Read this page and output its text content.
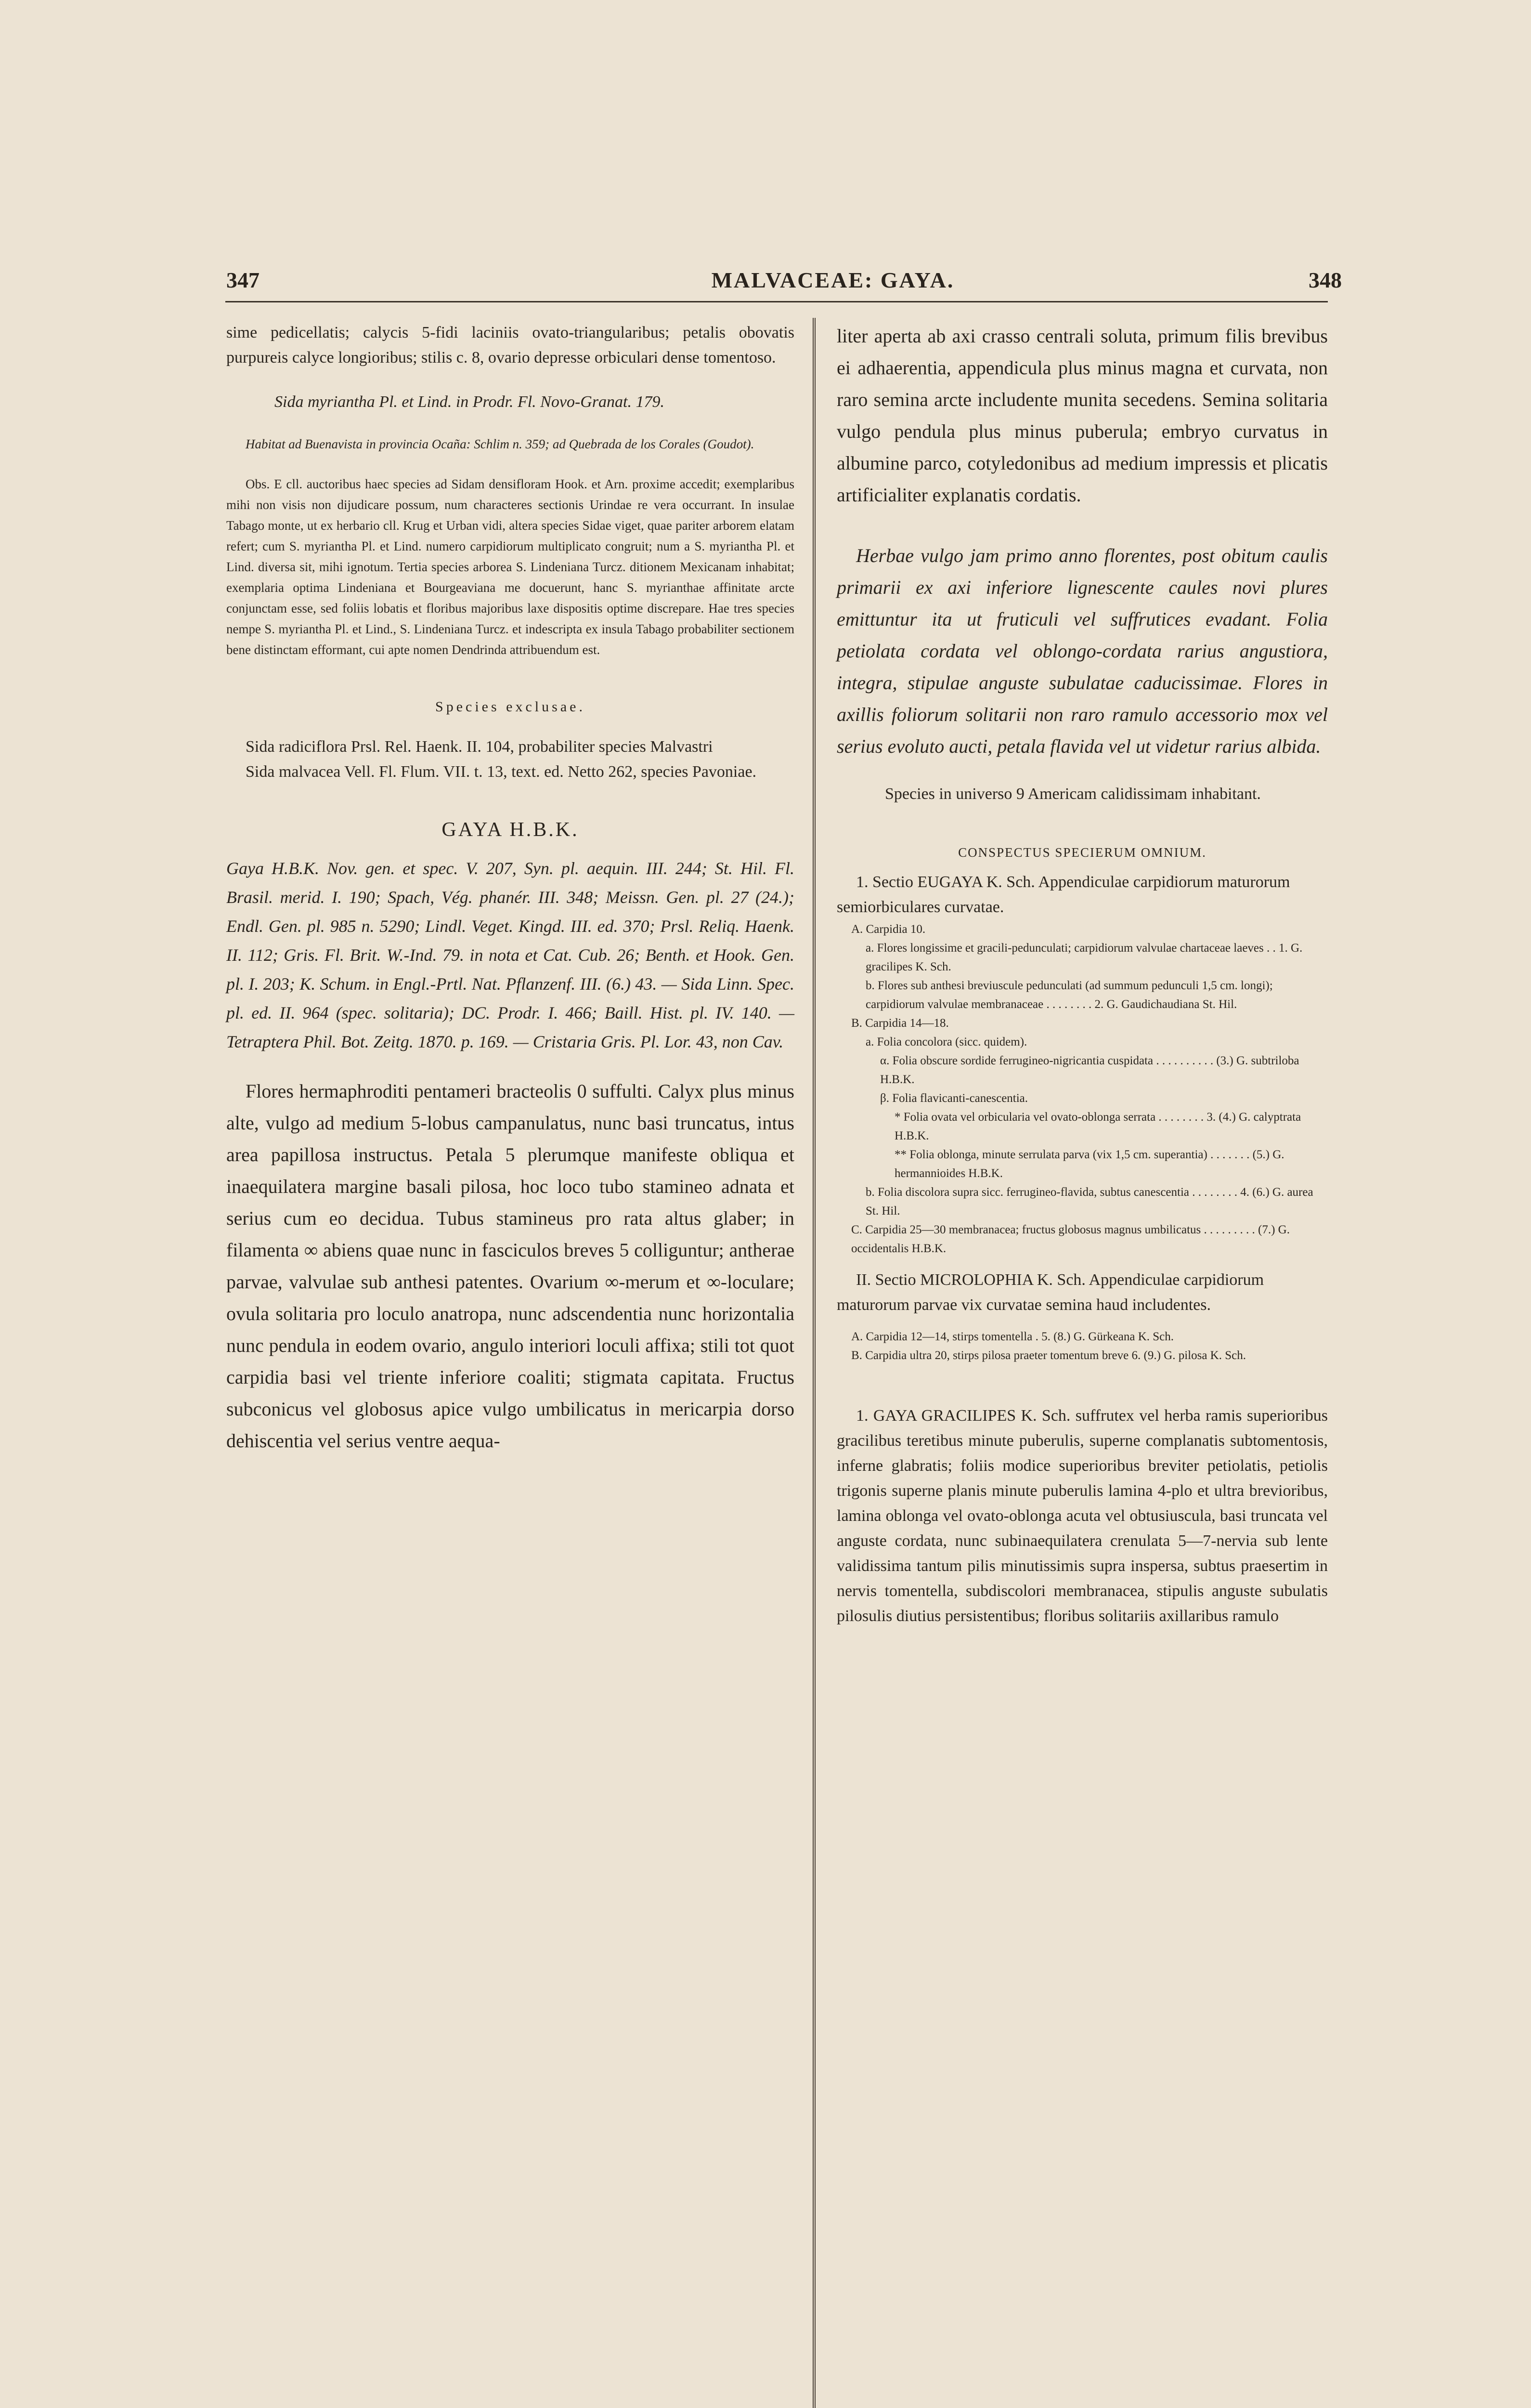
347	MALVACEAE: GAYA.	348

sime pedicellatis; calycis 5-fidi laciniis ovato-triangularibus; petalis obovatis purpureis calyce longioribus; stilis c. 8, ovario depresse orbiculari dense tomentoso.

Sida myriantha Pl. et Lind. in Prodr. Fl. Novo-Granat. 179.

Habitat ad Buenavista in provincia Ocaña: Schlim n. 359; ad Quebrada de los Corales (Goudot).

Obs. E cll. auctoribus haec species ad Sidam densifloram Hook. et Arn. proxime accedit; exemplaribus mihi non visis non dijudicare possum, num characteres sectionis Urindae re vera occurrant. In insulae Tabago monte, ut ex herbario cll. Krug et Urban vidi, altera species Sidae viget, quae pariter arborem elatam refert; cum S. myriantha Pl. et Lind. numero carpidiorum multiplicato congruit; num a S. myriantha Pl. et Lind. diversa sit, mihi ignotum. Tertia species arborea S. Lindeniana Turcz. ditionem Mexicanam inhabitat; exemplaria optima Lindeniana et Bourgeaviana me docuerunt, hanc S. myrianthae affinitate arcte conjunctam esse, sed foliis lobatis et floribus majoribus laxe dispositis optime discrepare. Hae tres species nempe S. myriantha Pl. et Lind., S. Lindeniana Turcz. et indescripta ex insula Tabago probabiliter sectionem bene distinctam efformant, cui apte nomen Dendrinda attribuendum est.

Species exclusae.

Sida radiciflora Prsl. Rel. Haenk. II. 104, probabiliter species Malvastri

Sida malvacea Vell. Fl. Flum. VII. t. 13, text. ed. Netto 262, species Pavoniae.

GAYA H.B.K.

Gaya H.B.K. Nov. gen. et spec. V. 207, Syn. pl. aequin. III. 244; St. Hil. Fl. Brasil. merid. I. 190; Spach, Vég. phanér. III. 348; Meissn. Gen. pl. 27 (24.); Endl. Gen. pl. 985 n. 5290; Lindl. Veget. Kingd. III. ed. 370; Prsl. Reliq. Haenk. II. 112; Gris. Fl. Brit. W.-Ind. 79. in nota et Cat. Cub. 26; Benth. et Hook. Gen. pl. I. 203; K. Schum. in Engl.-Prtl. Nat. Pflanzenf. III. (6.) 43. — Sida Linn. Spec. pl. ed. II. 964 (spec. solitaria); DC. Prodr. I. 466; Baill. Hist. pl. IV. 140. — Tetraptera Phil. Bot. Zeitg. 1870. p. 169. — Cristaria Gris. Pl. Lor. 43, non Cav.

Flores hermaphroditi pentameri bracteolis 0 suffulti. Calyx plus minus alte, vulgo ad medium 5-lobus campanulatus, nunc basi truncatus, intus area papillosa instructus. Petala 5 plerumque manifeste obliqua et inaequilatera margine basali pilosa, hoc loco tubo stamineo adnata et serius cum eo decidua. Tubus stamineus pro rata altus glaber; in filamenta ∞ abiens quae nunc in fasciculos breves 5 colliguntur; antherae parvae, valvulae sub anthesi patentes. Ovarium ∞-merum et ∞-loculare; ovula solitaria pro loculo anatropa, nunc adscendentia nunc horizontalia nunc pendula in eodem ovario, angulo interiori loculi affixa; stili tot quot carpidia basi vel triente inferiore coaliti; stigmata capitata. Fructus subconicus vel globosus apice vulgo umbilicatus in mericarpia dorso dehiscentia vel serius ventre aequa-

liter aperta ab axi crasso centrali soluta, primum filis brevibus ei adhaerentia, appendicula plus minus magna et curvata, non raro semina arcte includente munita secedens. Semina solitaria vulgo pendula plus minus puberula; embryo curvatus in albumine parco, cotyledonibus ad medium impressis et plicatis artificialiter explanatis cordatis.

Herbae vulgo jam primo anno florentes, post obitum caulis primarii ex axi inferiore lignescente caules novi plures emittuntur ita ut fruticuli vel suffrutices evadant. Folia petiolata cordata vel oblongo-cordata rarius angustiora, integra, stipulae anguste subulatae caducissimae. Flores in axillis foliorum solitarii non raro ramulo accessorio mox vel serius evoluto aucti, petala flavida vel ut videtur rarius albida.

Species in universo 9 Americam calidissimam inhabitant.

CONSPECTUS SPECIERUM OMNIUM.

1. Sectio EUGAYA K. Sch. Appendiculae carpidiorum maturorum semiorbiculares curvatae.

A. Carpidia 10.

a. Flores longissime et gracili-pedunculati; carpidiorum valvulae chartaceae laeves . . 1. G. gracilipes K. Sch.

b. Flores sub anthesi breviuscule pedunculati (ad summum pedunculi 1,5 cm. longi); carpidiorum valvulae membranaceae . . . . . . . . 2. G. Gaudichaudiana St. Hil.

B. Carpidia 14—18.

a. Folia concolora (sicc. quidem).

α. Folia obscure sordide ferrugineo-nigricantia cuspidata . . . . . . . . . . (3.) G. subtriloba H.B.K.

β. Folia flavicanti-canescentia.

* Folia ovata vel orbicularia vel ovato-oblonga serrata . . . . . . . . 3. (4.) G. calyptrata H.B.K.

** Folia oblonga, minute serrulata parva (vix 1,5 cm. superantia) . . . . . . . (5.) G. hermannioides H.B.K.

b. Folia discolora supra sicc. ferrugineo-flavida, subtus canescentia . . . . . . . . 4. (6.) G. aurea St. Hil.

C. Carpidia 25—30 membranacea; fructus globosus magnus umbilicatus . . . . . . . . . (7.) G. occidentalis H.B.K.

II. Sectio MICROLOPHIA K. Sch. Appendiculae carpidiorum maturorum parvae vix curvatae semina haud includentes.

A. Carpidia 12—14, stirps tomentella . 5. (8.) G. Gürkeana K. Sch.

B. Carpidia ultra 20, stirps pilosa praeter tomentum breve 6. (9.) G. pilosa K. Sch.

1. GAYA GRACILIPES K. Sch. suffrutex vel herba ramis superioribus gracilibus teretibus minute puberulis, superne complanatis subtomentosis, inferne glabratis; foliis modice superioribus breviter petiolatis, petiolis trigonis superne planis minute puberulis lamina 4-plo et ultra brevioribus, lamina oblonga vel ovato-oblonga acuta vel obtusiuscula, basi truncata vel anguste cordata, nunc subinaequilatera crenulata 5—7-nervia sub lente validissima tantum pilis minutissimis supra inspersa, subtus praesertim in nervis tomentella, subdiscolori membranacea, stipulis anguste subulatis pilosulis diutius persistentibus; floribus solitariis axillaribus ramulo
